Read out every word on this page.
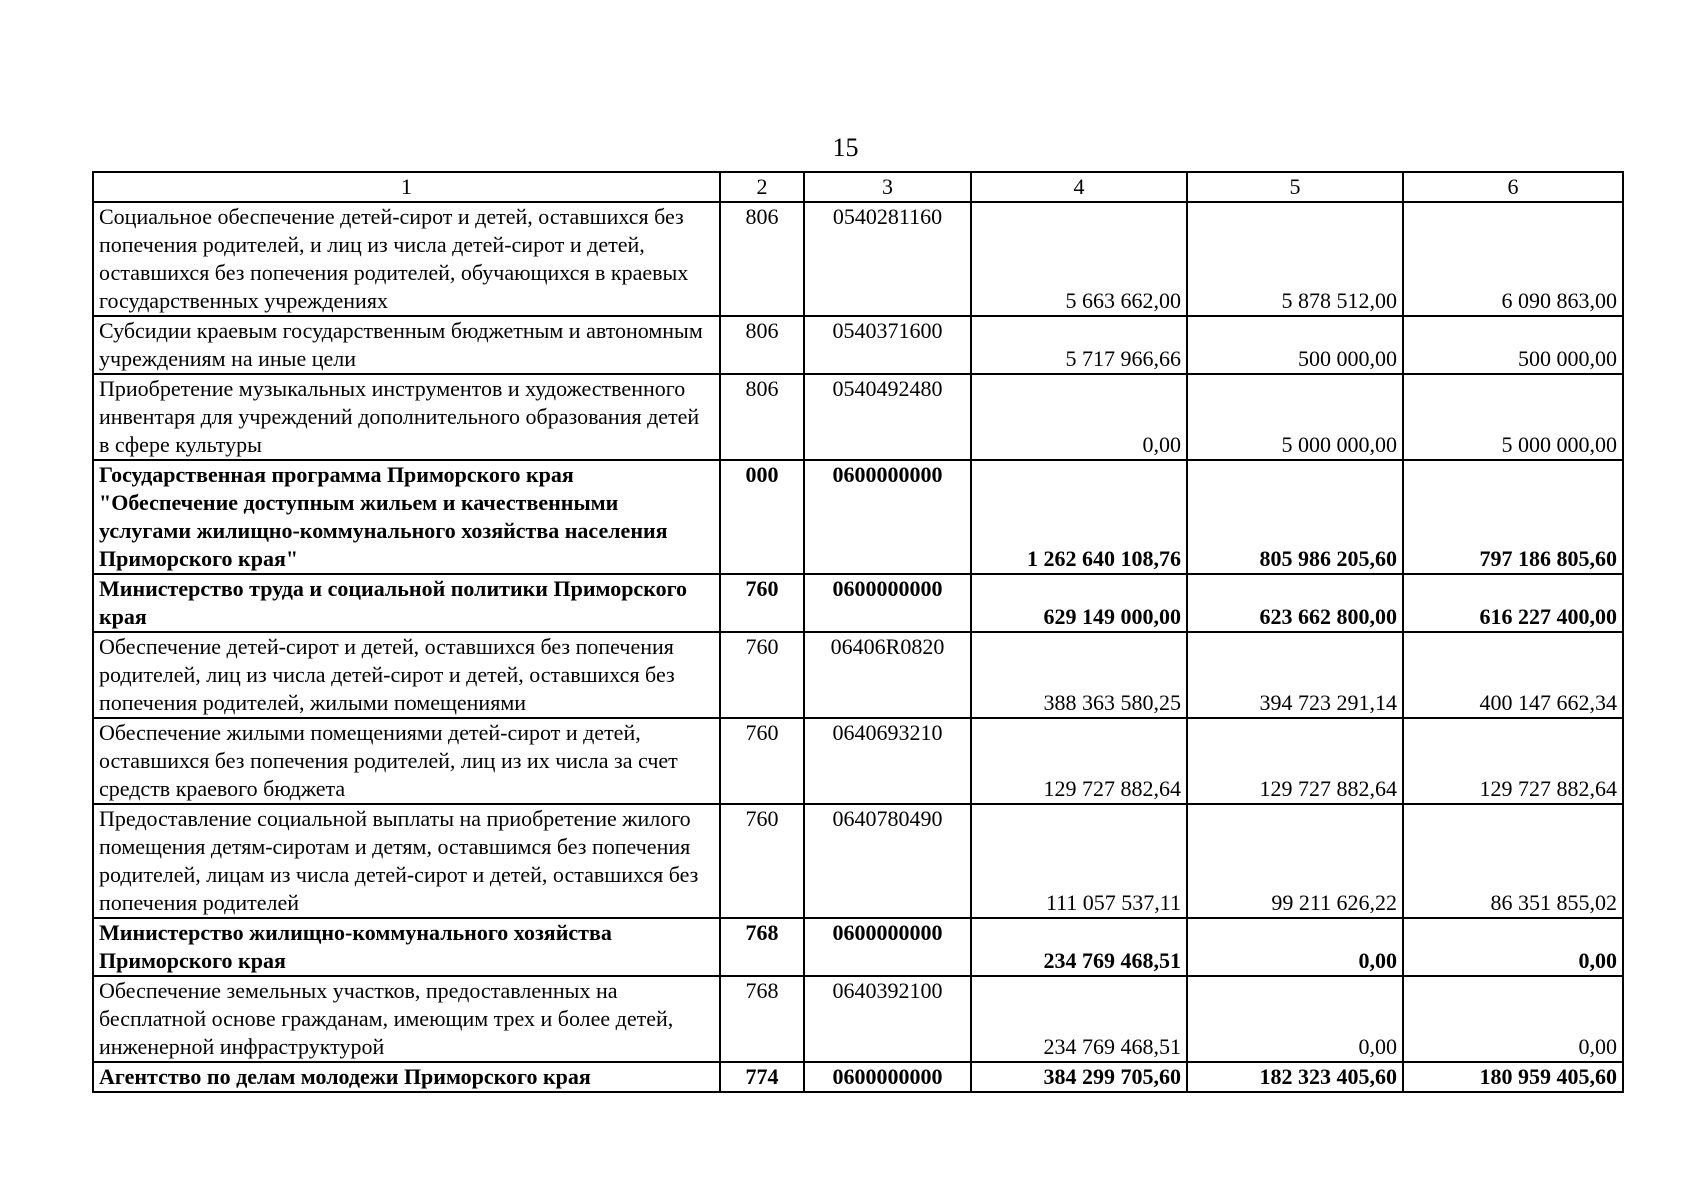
15
1	2	3	4	5	6
Социальное обеспечение детей-сирот и детей, оставшихся без попечения родителей, и лиц из числа детей-сирот и детей, оставшихся без попечения родителей, обучающихся в краевых государственных учреждениях	806	0540281160	5 663 662,00	5 878 512,00	6 090 863,00
Субсидии краевым государственным бюджетным и автономным учреждениям на иные цели	806	0540371600	5 717 966,66	500 000,00	500 000,00
Приобретение музыкальных инструментов и художественного инвентаря для учреждений дополнительного образования детей в сфере культуры	806	0540492480	0,00	5 000 000,00	5 000 000,00
Государственная программа Приморского края "Обеспечение доступным жильем и качественными услугами жилищно-коммунального хозяйства населения Приморского края"	000	0600000000	1 262 640 108,76	805 986 205,60	797 186 805,60
Министерство труда и социальной политики Приморского края	760	0600000000	629 149 000,00	623 662 800,00	616 227 400,00
Обеспечение детей-сирот и детей, оставшихся без попечения родителей, лиц из числа детей-сирот и детей, оставшихся без попечения родителей, жилыми помещениями	760	06406R0820	388 363 580,25	394 723 291,14	400 147 662,34
Обеспечение жилыми помещениями детей-сирот и детей, оставшихся без попечения родителей, лиц из их числа за счет средств краевого бюджета	760	0640693210	129 727 882,64	129 727 882,64	129 727 882,64
Предоставление социальной выплаты на приобретение жилого помещения детям-сиротам и детям, оставшимся без попечения родителей, лицам из числа детей-сирот и детей, оставшихся без попечения родителей	760	0640780490	111 057 537,11	99 211 626,22	86 351 855,02
Министерство жилищно-коммунального хозяйства Приморского края	768	0600000000	234 769 468,51	0,00	0,00
Обеспечение земельных участков, предоставленных на бесплатной основе гражданам, имеющим трех и более детей, инженерной инфраструктурой	768	0640392100	234 769 468,51	0,00	0,00
Агентство по делам молодежи Приморского края	774	0600000000	384 299 705,60	182 323 405,60	180 959 405,60
